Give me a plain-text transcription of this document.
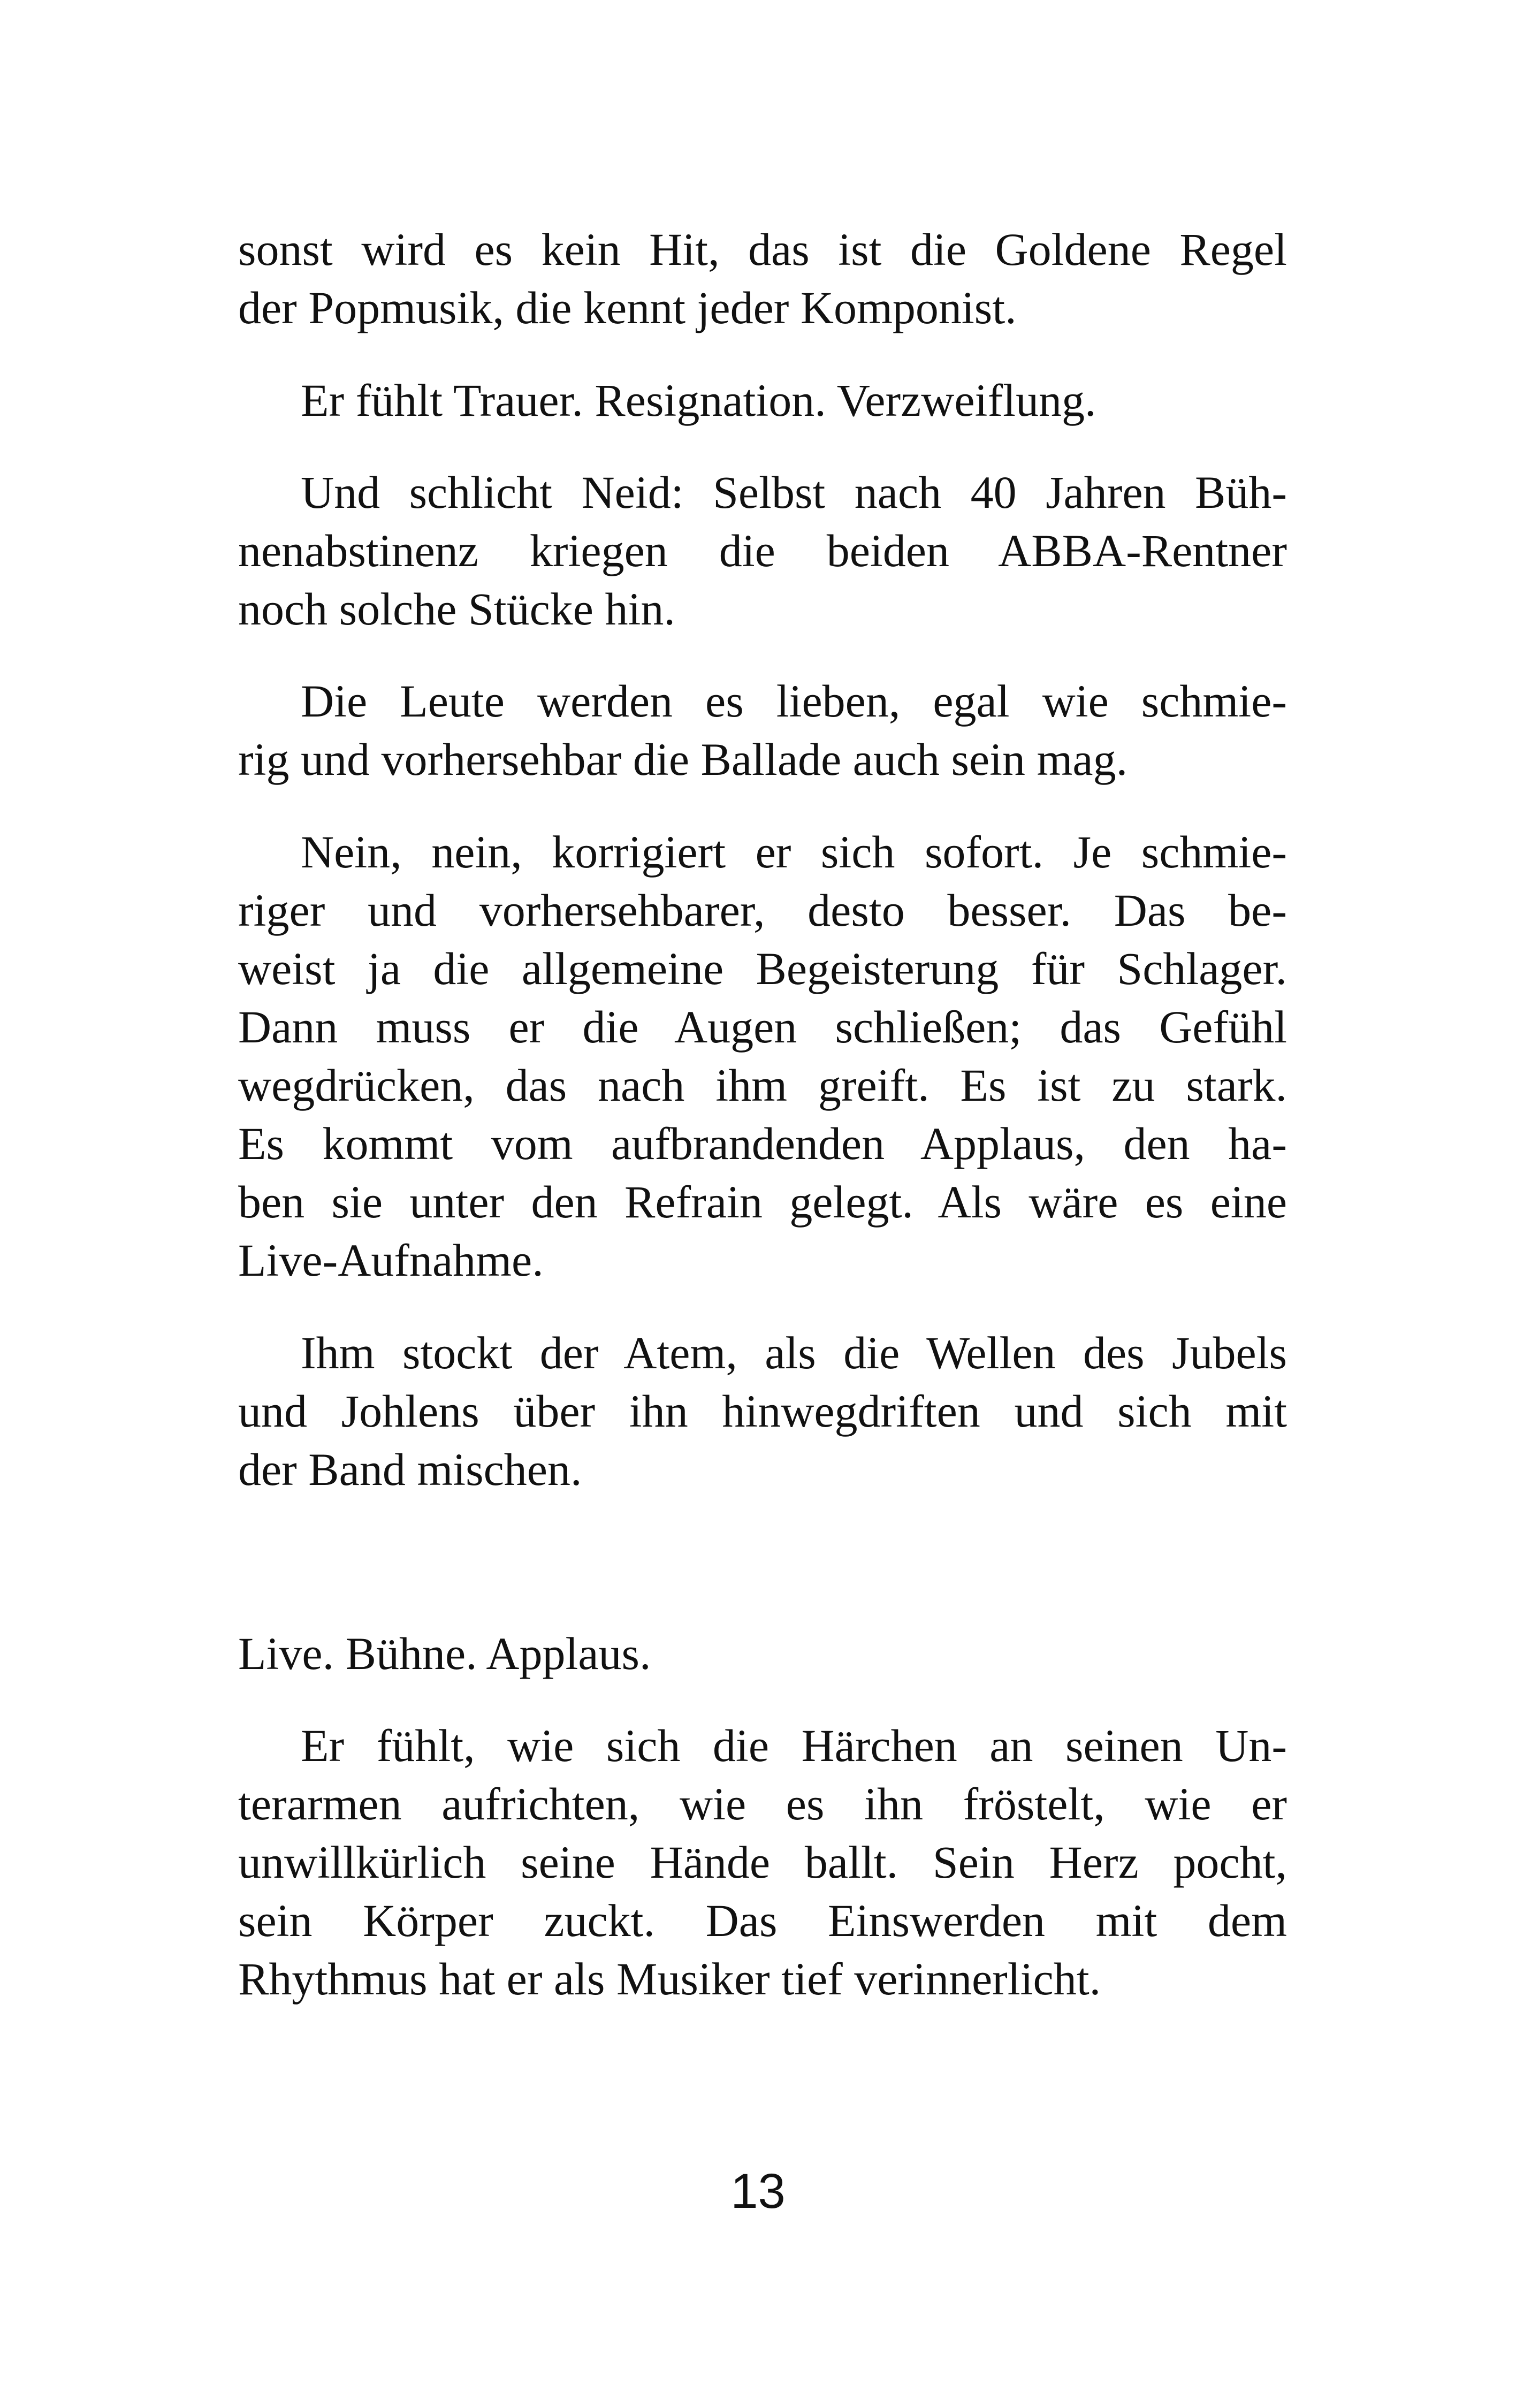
sonst wird es kein Hit, das ist die Goldene Regel
der Popmusik, die kennt jeder Komponist.
Er fühlt Trauer. Resignation. Verzweiflung.
Und schlicht Neid: Selbst nach 40 Jahren Büh-
nenabstinenz kriegen die beiden ABBA-Rentner
noch solche Stücke hin.
Die Leute werden es lieben, egal wie schmie-
rig und vorhersehbar die Ballade auch sein mag.
Nein, nein, korrigiert er sich sofort. Je schmie-
riger und vorhersehbarer, desto besser. Das be-
weist ja die allgemeine Begeisterung für Schlager.
Dann muss er die Augen schließen; das Gefühl
wegdrücken, das nach ihm greift. Es ist zu stark.
Es kommt vom aufbrandenden Applaus, den ha-
ben sie unter den Refrain gelegt. Als wäre es eine
Live-Aufnahme.
Ihm stockt der Atem, als die Wellen des Jubels
und Johlens über ihn hinwegdriften und sich mit
der Band mischen.
Live. Bühne. Applaus.
Er fühlt, wie sich die Härchen an seinen Un-
terarmen aufrichten, wie es ihn fröstelt, wie er
unwillkürlich seine Hände ballt. Sein Herz pocht,
sein Körper zuckt. Das Einswerden mit dem
Rhythmus hat er als Musiker tief verinnerlicht.
13
